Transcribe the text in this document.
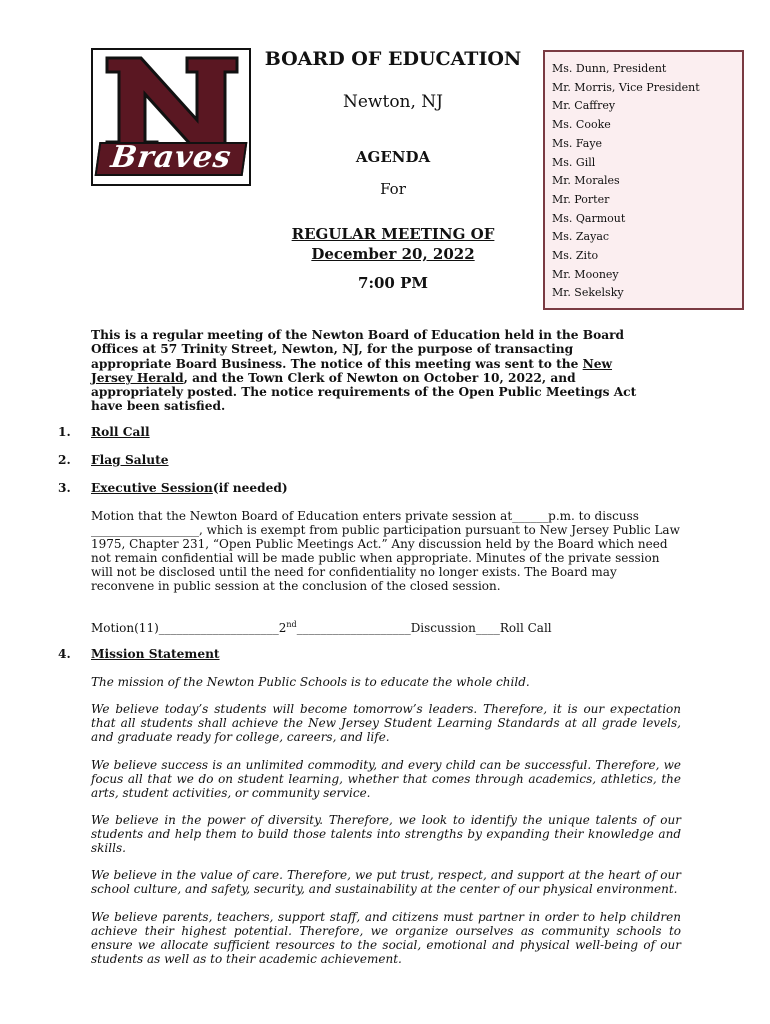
Braves
BOARD OF EDUCATION
Newton, NJ
AGENDA
For
REGULAR MEETING OF
December 20, 2022
7:00 PM
Ms. Dunn, President
Mr. Morris, Vice President
Mr. Caffrey
Ms. Cooke
Ms. Faye
Ms. Gill
Mr. Morales
Mr. Porter
Ms. Qarmout
Ms. Zayac
Ms. Zito
Mr. Mooney
Mr. Sekelsky
This is a regular meeting of the Newton Board of Education held in the Board Offices at 57 Trinity Street, Newton, NJ, for the purpose of transacting appropriate Board Business. The notice of this meeting was sent to the New Jersey Herald, and the Town Clerk of Newton on October 10, 2022, and appropriately posted. The notice requirements of the Open Public Meetings Act have been satisfied.
1. Roll Call
2. Flag Salute
3. Executive Session(if needed)
Motion that the Newton Board of Education enters private session at______p.m. to discuss __________________, which is exempt from public participation pursuant to New Jersey Public Law 1975, Chapter 231, “Open Public Meetings Act.” Any discussion held by the Board which need not remain confidential will be made public when appropriate. Minutes of the private session will not be disclosed until the need for confidentiality no longer exists. The Board may reconvene in public session at the conclusion of the closed session.
Motion(11)____________________2nd___________________Discussion____Roll Call
4. Mission Statement
The mission of the Newton Public Schools is to educate the whole child.
We believe today’s students will become tomorrow’s leaders. Therefore, it is our expectation that all students shall achieve the New Jersey Student Learning Standards at all grade levels, and graduate ready for college, careers, and life.
We believe success is an unlimited commodity, and every child can be successful. Therefore, we focus all that we do on student learning, whether that comes through academics, athletics, the arts, student activities, or community service.
We believe in the power of diversity. Therefore, we look to identify the unique talents of our students and help them to build those talents into strengths by expanding their knowledge and skills.
We believe in the value of care. Therefore, we put trust, respect, and support at the heart of our school culture, and safety, security, and sustainability at the center of our physical environment.
We believe parents, teachers, support staff, and citizens must partner in order to help children achieve their highest potential. Therefore, we organize ourselves as community schools to ensure we allocate sufficient resources to the social, emotional and physical well-being of our students as well as to their academic achievement.
